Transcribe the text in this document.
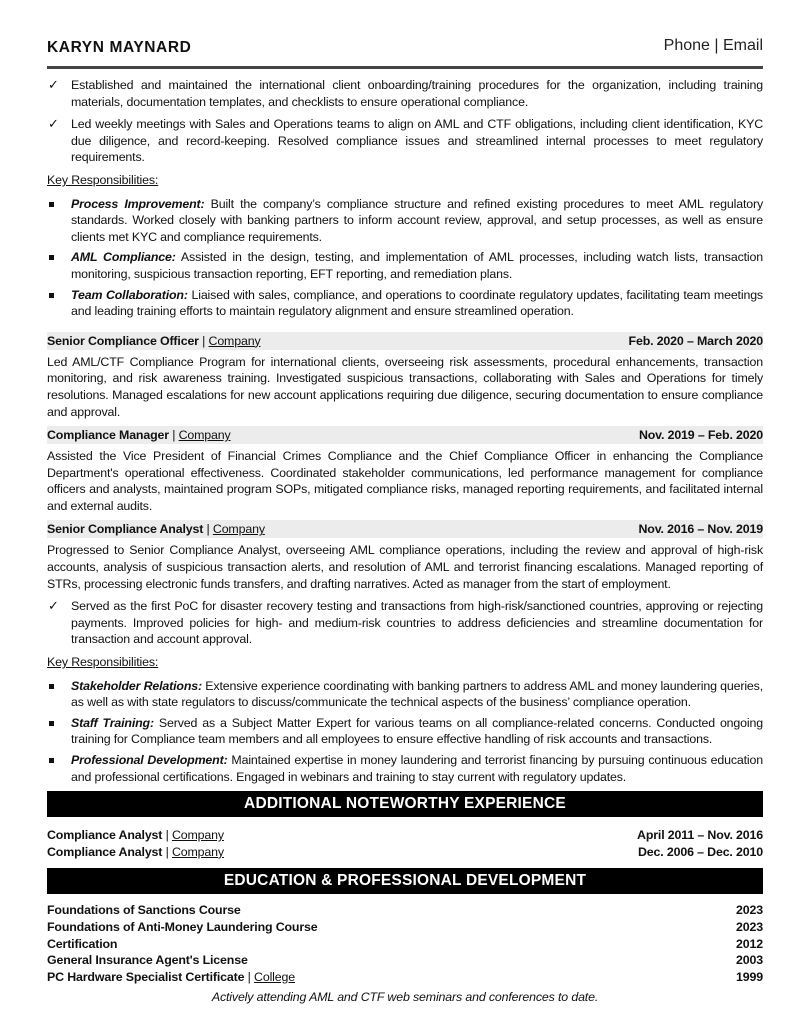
KARYN MAYNARD	Phone | Email
✓ Established and maintained the international client onboarding/training procedures for the organization, including training materials, documentation templates, and checklists to ensure operational compliance.
✓ Led weekly meetings with Sales and Operations teams to align on AML and CTF obligations, including client identification, KYC due diligence, and record-keeping. Resolved compliance issues and streamlined internal processes to meet regulatory requirements.
Key Responsibilities:
Process Improvement: Built the company’s compliance structure and refined existing procedures to meet AML regulatory standards. Worked closely with banking partners to inform account review, approval, and setup processes, as well as ensure clients met KYC and compliance requirements.
AML Compliance: Assisted in the design, testing, and implementation of AML processes, including watch lists, transaction monitoring, suspicious transaction reporting, EFT reporting, and remediation plans.
Team Collaboration: Liaised with sales, compliance, and operations to coordinate regulatory updates, facilitating team meetings and leading training efforts to maintain regulatory alignment and ensure streamlined operation.
Senior Compliance Officer | Company	Feb. 2020 – March 2020
Led AML/CTF Compliance Program for international clients, overseeing risk assessments, procedural enhancements, transaction monitoring, and risk awareness training. Investigated suspicious transactions, collaborating with Sales and Operations for timely resolutions. Managed escalations for new account applications requiring due diligence, securing documentation to ensure compliance and approval.
Compliance Manager | Company	Nov. 2019 – Feb. 2020
Assisted the Vice President of Financial Crimes Compliance and the Chief Compliance Officer in enhancing the Compliance Department's operational effectiveness. Coordinated stakeholder communications, led performance management for compliance officers and analysts, maintained program SOPs, mitigated compliance risks, managed reporting requirements, and facilitated internal and external audits.
Senior Compliance Analyst | Company	Nov. 2016 – Nov. 2019
Progressed to Senior Compliance Analyst, overseeing AML compliance operations, including the review and approval of high-risk accounts, analysis of suspicious transaction alerts, and resolution of AML and terrorist financing escalations. Managed reporting of STRs, processing electronic funds transfers, and drafting narratives. Acted as manager from the start of employment.
✓ Served as the first PoC for disaster recovery testing and transactions from high-risk/sanctioned countries, approving or rejecting payments. Improved policies for high- and medium-risk countries to address deficiencies and streamline documentation for transaction and account approval.
Key Responsibilities:
Stakeholder Relations: Extensive experience coordinating with banking partners to address AML and money laundering queries, as well as with state regulators to discuss/communicate the technical aspects of the business’ compliance operation.
Staff Training: Served as a Subject Matter Expert for various teams on all compliance-related concerns. Conducted ongoing training for Compliance team members and all employees to ensure effective handling of risk accounts and transactions.
Professional Development: Maintained expertise in money laundering and terrorist financing by pursuing continuous education and professional certifications. Engaged in webinars and training to stay current with regulatory updates.
ADDITIONAL NOTEWORTHY EXPERIENCE
Compliance Analyst | Company	April 2011 – Nov. 2016
Compliance Analyst | Company	Dec. 2006 – Dec. 2010
EDUCATION & PROFESSIONAL DEVELOPMENT
Foundations of Sanctions Course	2023
Foundations of Anti-Money Laundering Course	2023
Certification	2012
General Insurance Agent's License	2003
PC Hardware Specialist Certificate | College	1999
Actively attending AML and CTF web seminars and conferences to date.
